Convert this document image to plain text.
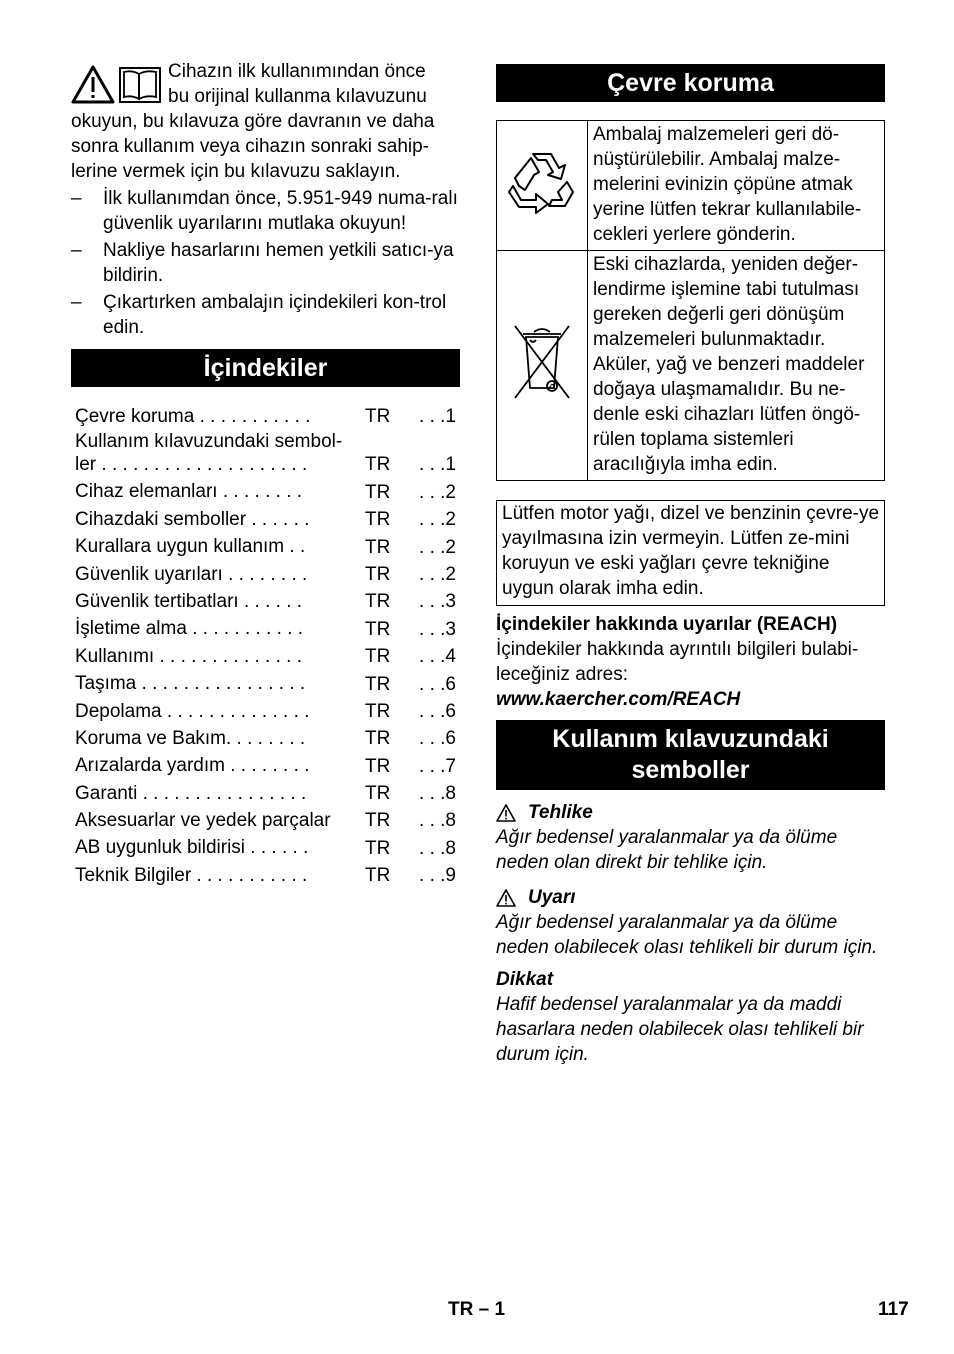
Cihazın ilk kullanımından önce
bu orijinal kullanma kılavuzunu
okuyun, bu kılavuza göre davranın ve daha sonra kullanım veya cihazın sonraki sahip-lerine vermek için bu kılavuzu saklayın.
– İlk kullanımdan önce, 5.951-949 numa-ralı güvenlik uyarılarını mutlaka okuyun!
– Nakliye hasarlarını hemen yetkili satıcı-ya bildirin.
– Çıkartırken ambalajın içindekileri kon-trol edin.
İçindekiler
Çevre koruma . . . . . . . . . . .	TR . . .1
Kullanım kılavuzundaki sembol-
ler . . . . . . . . . . . . . . . . . . . .	TR . . .1
Cihaz elemanları . . . . . . . .	TR . . .2
Cihazdaki semboller . . . . . .	TR . . .2
Kurallara uygun kullanım . .	TR . . .2
Güvenlik uyarıları . . . . . . . .	TR . . .2
Güvenlik tertibatları . . . . . .	TR . . .3
İşletime alma . . . . . . . . . . .	TR . . .3
Kullanımı . . . . . . . . . . . . . .	TR . . .4
Taşıma . . . . . . . . . . . . . . . .	TR . . .6
Depolama . . . . . . . . . . . . . .	TR . . .6
Koruma ve Bakım. . . . . . . .	TR . . .6
Arızalarda yardım . . . . . . . .	TR . . .7
Garanti . . . . . . . . . . . . . . . .	TR . . .8
Aksesuarlar ve yedek parçalar TR . . .8
AB uygunluk bildirisi . . . . . .	TR . . .8
Teknik Bilgiler . . . . . . . . . . .	TR . . .9
Çevre koruma
	Ambalaj malzemeleri geri dö-nüştürülebilir. Ambalaj malze-melerini evinizin çöpüne atmak yerine lütfen tekrar kullanılabile-cekleri yerlere gönderin.

♻	Eski cihazlarda, yeniden değer-lendirme işlemine tabi tutulması gereken değerli geri dönüşüm malzemeleri bulunmaktadır. Aküler, yağ ve benzeri maddeler doğaya ulaşmamalıdır. Bu ne-denle eski cihazları lütfen öngö-rülen toplama sistemleri aracılığıyla imha edin.
Lütfen motor yağı, dizel ve benzinin çevre-ye yayılmasına izin vermeyin. Lütfen ze-mini koruyun ve eski yağları çevre tekniğine uygun olarak imha edin.
İçindekiler hakkında uyarılar (REACH)
İçindekiler hakkında ayrıntılı bilgileri bulabi-leceğiniz adres:
www.kaercher.com/REACH
Kullanım kılavuzundaki
semboller
Tehlike
Ağır bedensel yaralanmalar ya da ölüme neden olan direkt bir tehlike için.
Uyarı
Ağır bedensel yaralanmalar ya da ölüme neden olabilecek olası tehlikeli bir durum için.
Dikkat
Hafif bedensel yaralanmalar ya da maddi hasarlara neden olabilecek olası tehlikeli bir durum için.
TR – 1	117
